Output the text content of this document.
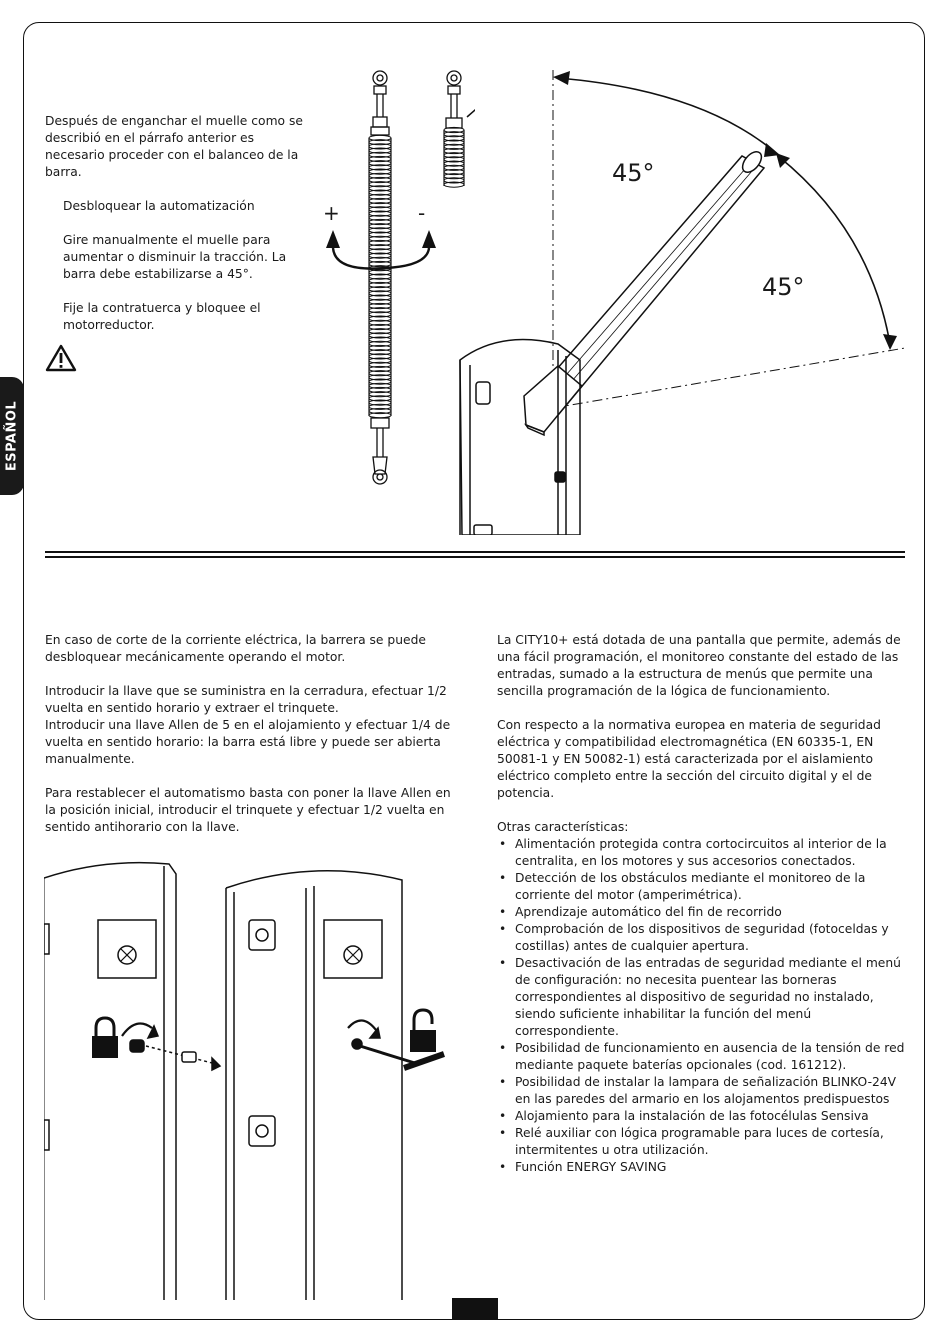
ESPAÑOL

Después de enganchar el muelle como se describió en el párrafo anterior es necesario proceder con el balanceo de la barra.

Desbloquear la automatización

Gire manualmente el muelle para aumentar o disminuir la tracción. La barra debe estabilizarse a 45°.

Fije la contratuerca y bloquee el motorreductor.

+	-
45°
45°

En caso de corte de la corriente eléctrica, la barrera se puede desbloquear mecánicamente operando el motor.

Introducir la llave que se suministra en la cerradura, efectuar 1/2 vuelta en sentido horario y extraer el trinquete.

Introducir una llave Allen de 5 en el alojamiento y efectuar 1/4 de vuelta en sentido horario: la barra está libre y puede ser abierta manualmente.

Para restablecer el automatismo basta con poner la llave Allen en la posición inicial, introducir el trinquete y efectuar 1/2 vuelta en sentido antihorario con la llave.

La CITY10+ está dotada de una pantalla que permite, además de una fácil programación, el monitoreo constante del estado de las entradas, sumado a la estructura de menús que permite una sencilla programación de la lógica de funcionamiento.

Con respecto a la normativa europea en materia de seguridad eléctrica y compatibilidad electromagnética (EN 60335-1, EN 50081-1 y EN 50082-1) está caracterizada por el aislamiento eléctrico completo entre la sección del circuito digital y el de potencia.

Otras características:

• Alimentación protegida contra cortocircuitos al interior de la centralita, en los motores y sus accesorios conectados.
• Detección de los obstáculos mediante el monitoreo de la corriente del motor (amperimétrica).
• Aprendizaje automático del fin de recorrido
• Comprobación de los dispositivos de seguridad (fotoceldas y costillas) antes de cualquier apertura.
• Desactivación de las entradas de seguridad mediante el menú de configuración: no necesita puentear las borneras correspondientes al dispositivo de seguridad no instalado, siendo suficiente inhabilitar la función del menú correspondiente.
• Posibilidad de funcionamiento en ausencia de la tensión de red mediante paquete baterías opcionales (cod. 161212).
• Posibilidad de instalar la lampara de señalización BLINKO-24V en las paredes del armario en los alojamentos predispuestos
• Alojamiento para la instalación de las fotocélulas Sensiva
• Relé auxiliar con lógica programable para luces de cortesía, intermitentes u otra utilización.
• Función ENERGY SAVING
